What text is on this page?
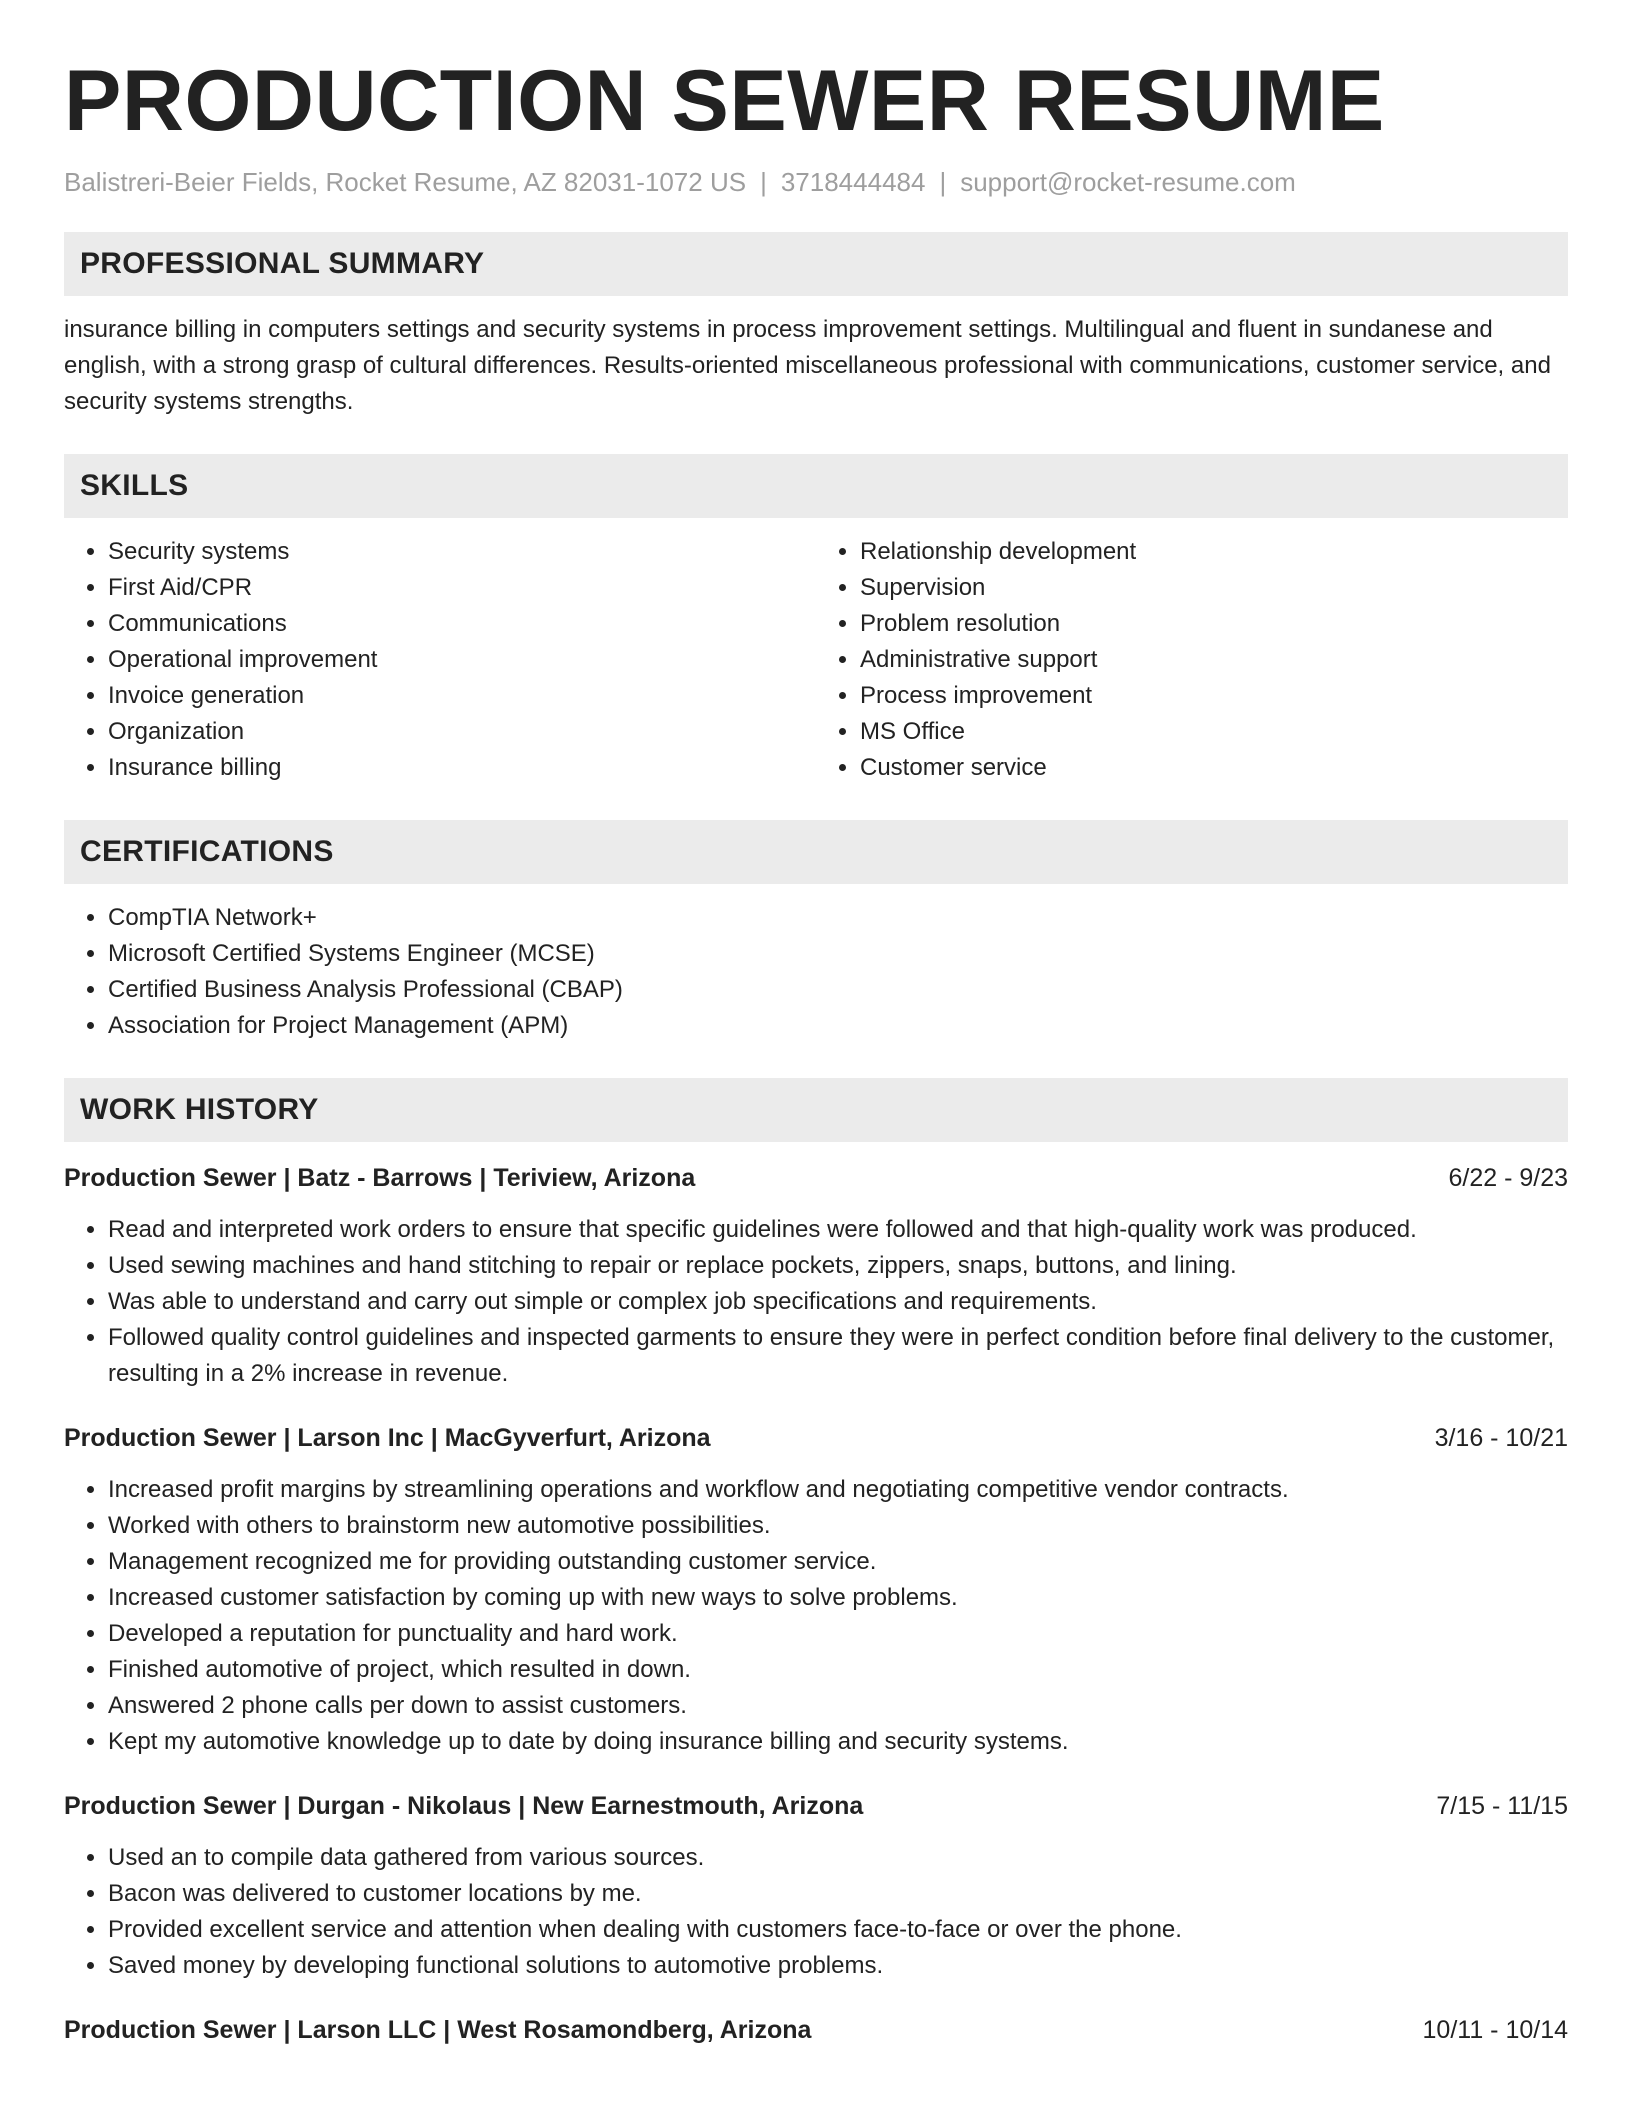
PRODUCTION SEWER RESUME
Balistreri-Beier Fields, Rocket Resume, AZ 82031-1072 US | 3718444484 | support@rocket-resume.com
PROFESSIONAL SUMMARY
insurance billing in computers settings and security systems in process improvement settings. Multilingual and fluent in sundanese and english, with a strong grasp of cultural differences. Results-oriented miscellaneous professional with communications, customer service, and security systems strengths.
SKILLS
• Security systems
• First Aid/CPR
• Communications
• Operational improvement
• Invoice generation
• Organization
• Insurance billing
• Relationship development
• Supervision
• Problem resolution
• Administrative support
• Process improvement
• MS Office
• Customer service
CERTIFICATIONS
• CompTIA Network+
• Microsoft Certified Systems Engineer (MCSE)
• Certified Business Analysis Professional (CBAP)
• Association for Project Management (APM)
WORK HISTORY
Production Sewer | Batz - Barrows | Teriview, Arizona	6/22 - 9/23
• Read and interpreted work orders to ensure that specific guidelines were followed and that high-quality work was produced.
• Used sewing machines and hand stitching to repair or replace pockets, zippers, snaps, buttons, and lining.
• Was able to understand and carry out simple or complex job specifications and requirements.
• Followed quality control guidelines and inspected garments to ensure they were in perfect condition before final delivery to the customer, resulting in a 2% increase in revenue.
Production Sewer | Larson Inc | MacGyverfurt, Arizona	3/16 - 10/21
• Increased profit margins by streamlining operations and workflow and negotiating competitive vendor contracts.
• Worked with others to brainstorm new automotive possibilities.
• Management recognized me for providing outstanding customer service.
• Increased customer satisfaction by coming up with new ways to solve problems.
• Developed a reputation for punctuality and hard work.
• Finished automotive of project, which resulted in down.
• Answered 2 phone calls per down to assist customers.
• Kept my automotive knowledge up to date by doing insurance billing and security systems.
Production Sewer | Durgan - Nikolaus | New Earnestmouth, Arizona	7/15 - 11/15
• Used an to compile data gathered from various sources.
• Bacon was delivered to customer locations by me.
• Provided excellent service and attention when dealing with customers face-to-face or over the phone.
• Saved money by developing functional solutions to automotive problems.
Production Sewer | Larson LLC | West Rosamondberg, Arizona	10/11 - 10/14
